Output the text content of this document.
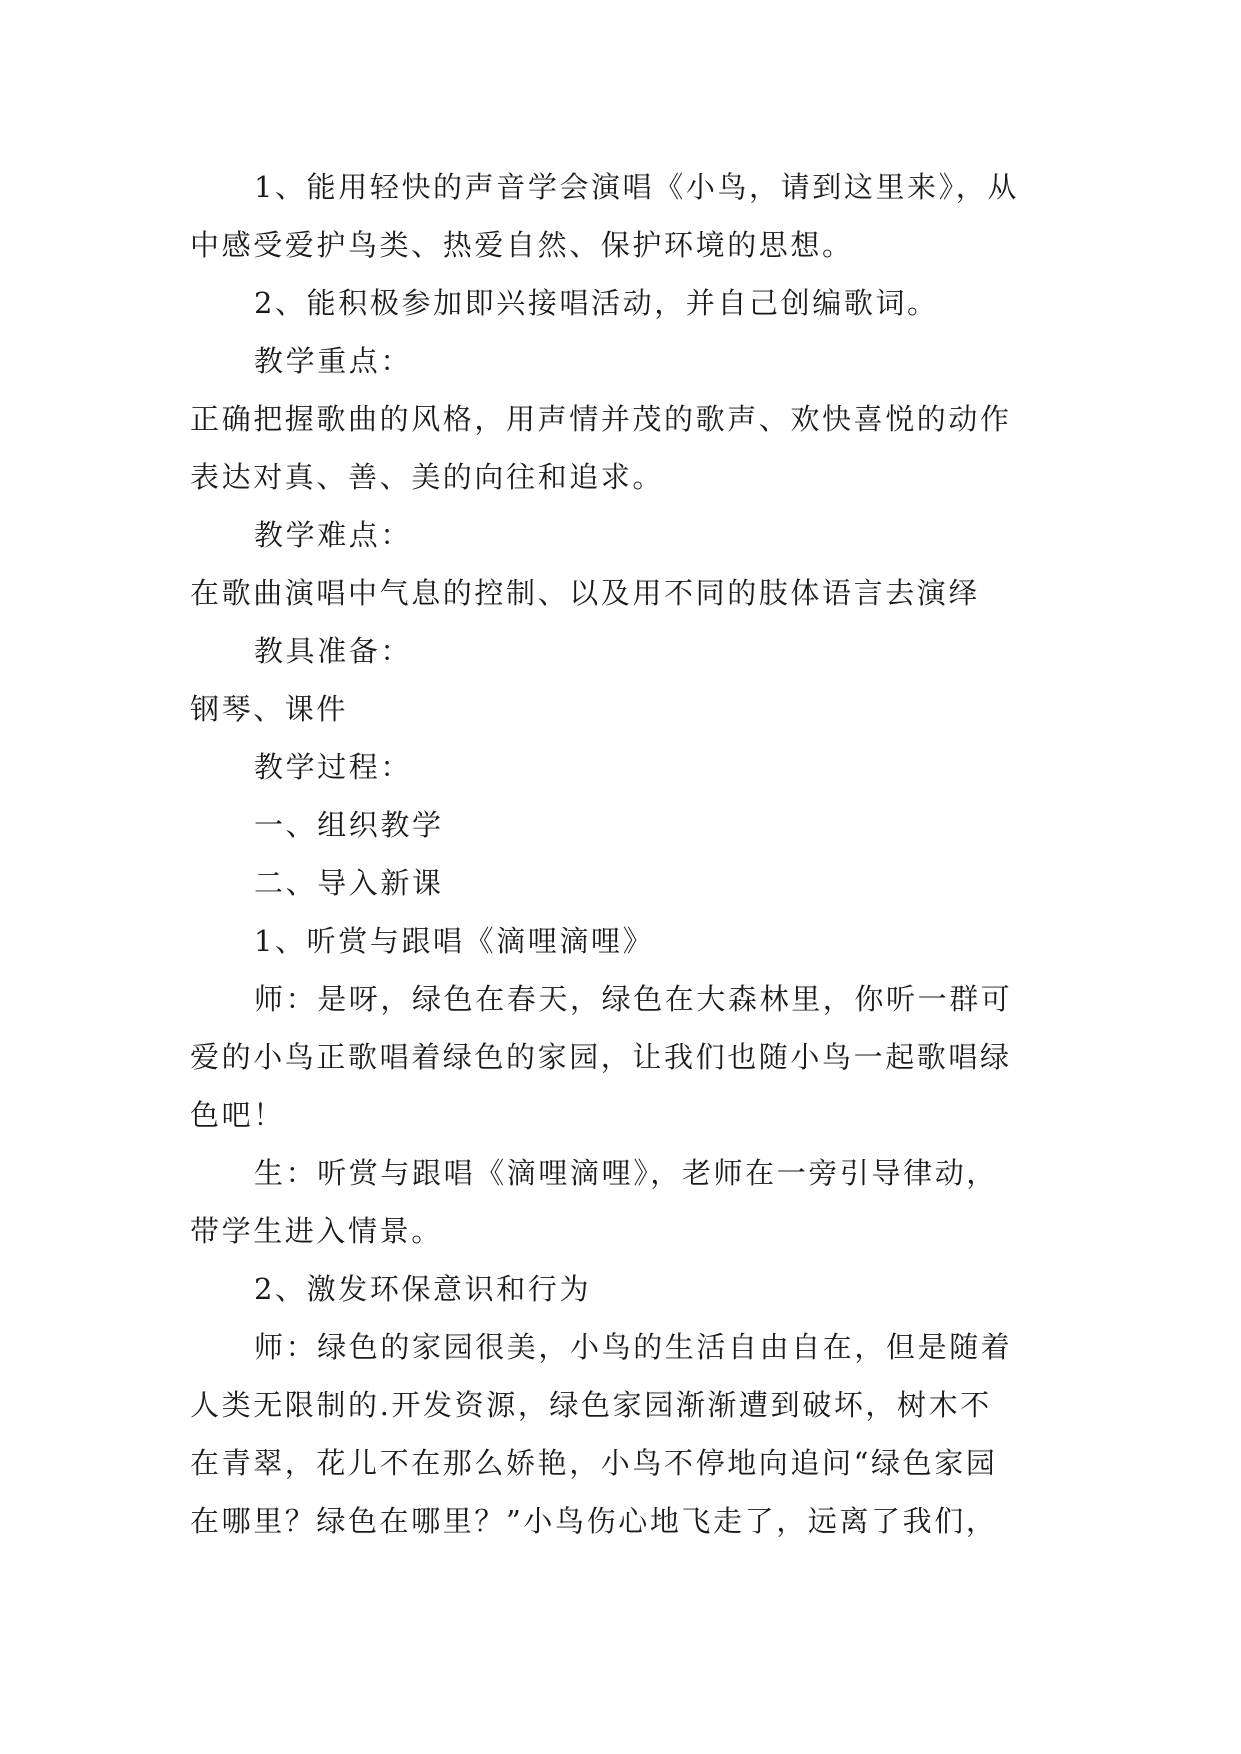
1、能用轻快的声音学会演唱《小鸟，请到这里来》，从
中感受爱护鸟类、热爱自然、保护环境的思想。
2、能积极参加即兴接唱活动，并自己创编歌词。
教学重点：
正确把握歌曲的风格，用声情并茂的歌声、欢快喜悦的动作
表达对真、善、美的向往和追求。
教学难点：
在歌曲演唱中气息的控制、以及用不同的肢体语言去演绎
教具准备：
钢琴、课件
教学过程：
一、组织教学
二、导入新课
1、听赏与跟唱《滴哩滴哩》
师：是呀，绿色在春天，绿色在大森林里，你听一群可
爱的小鸟正歌唱着绿色的家园，让我们也随小鸟一起歌唱绿
色吧！
生：听赏与跟唱《滴哩滴哩》，老师在一旁引导律动，
带学生进入情景。
2、激发环保意识和行为
师：绿色的家园很美，小鸟的生活自由自在，但是随着
人类无限制的.开发资源，绿色家园渐渐遭到破坏，树木不
在青翠，花儿不在那么娇艳，小鸟不停地向追问“绿色家园
在哪里？绿色在哪里？”小鸟伤心地飞走了，远离了我们，
